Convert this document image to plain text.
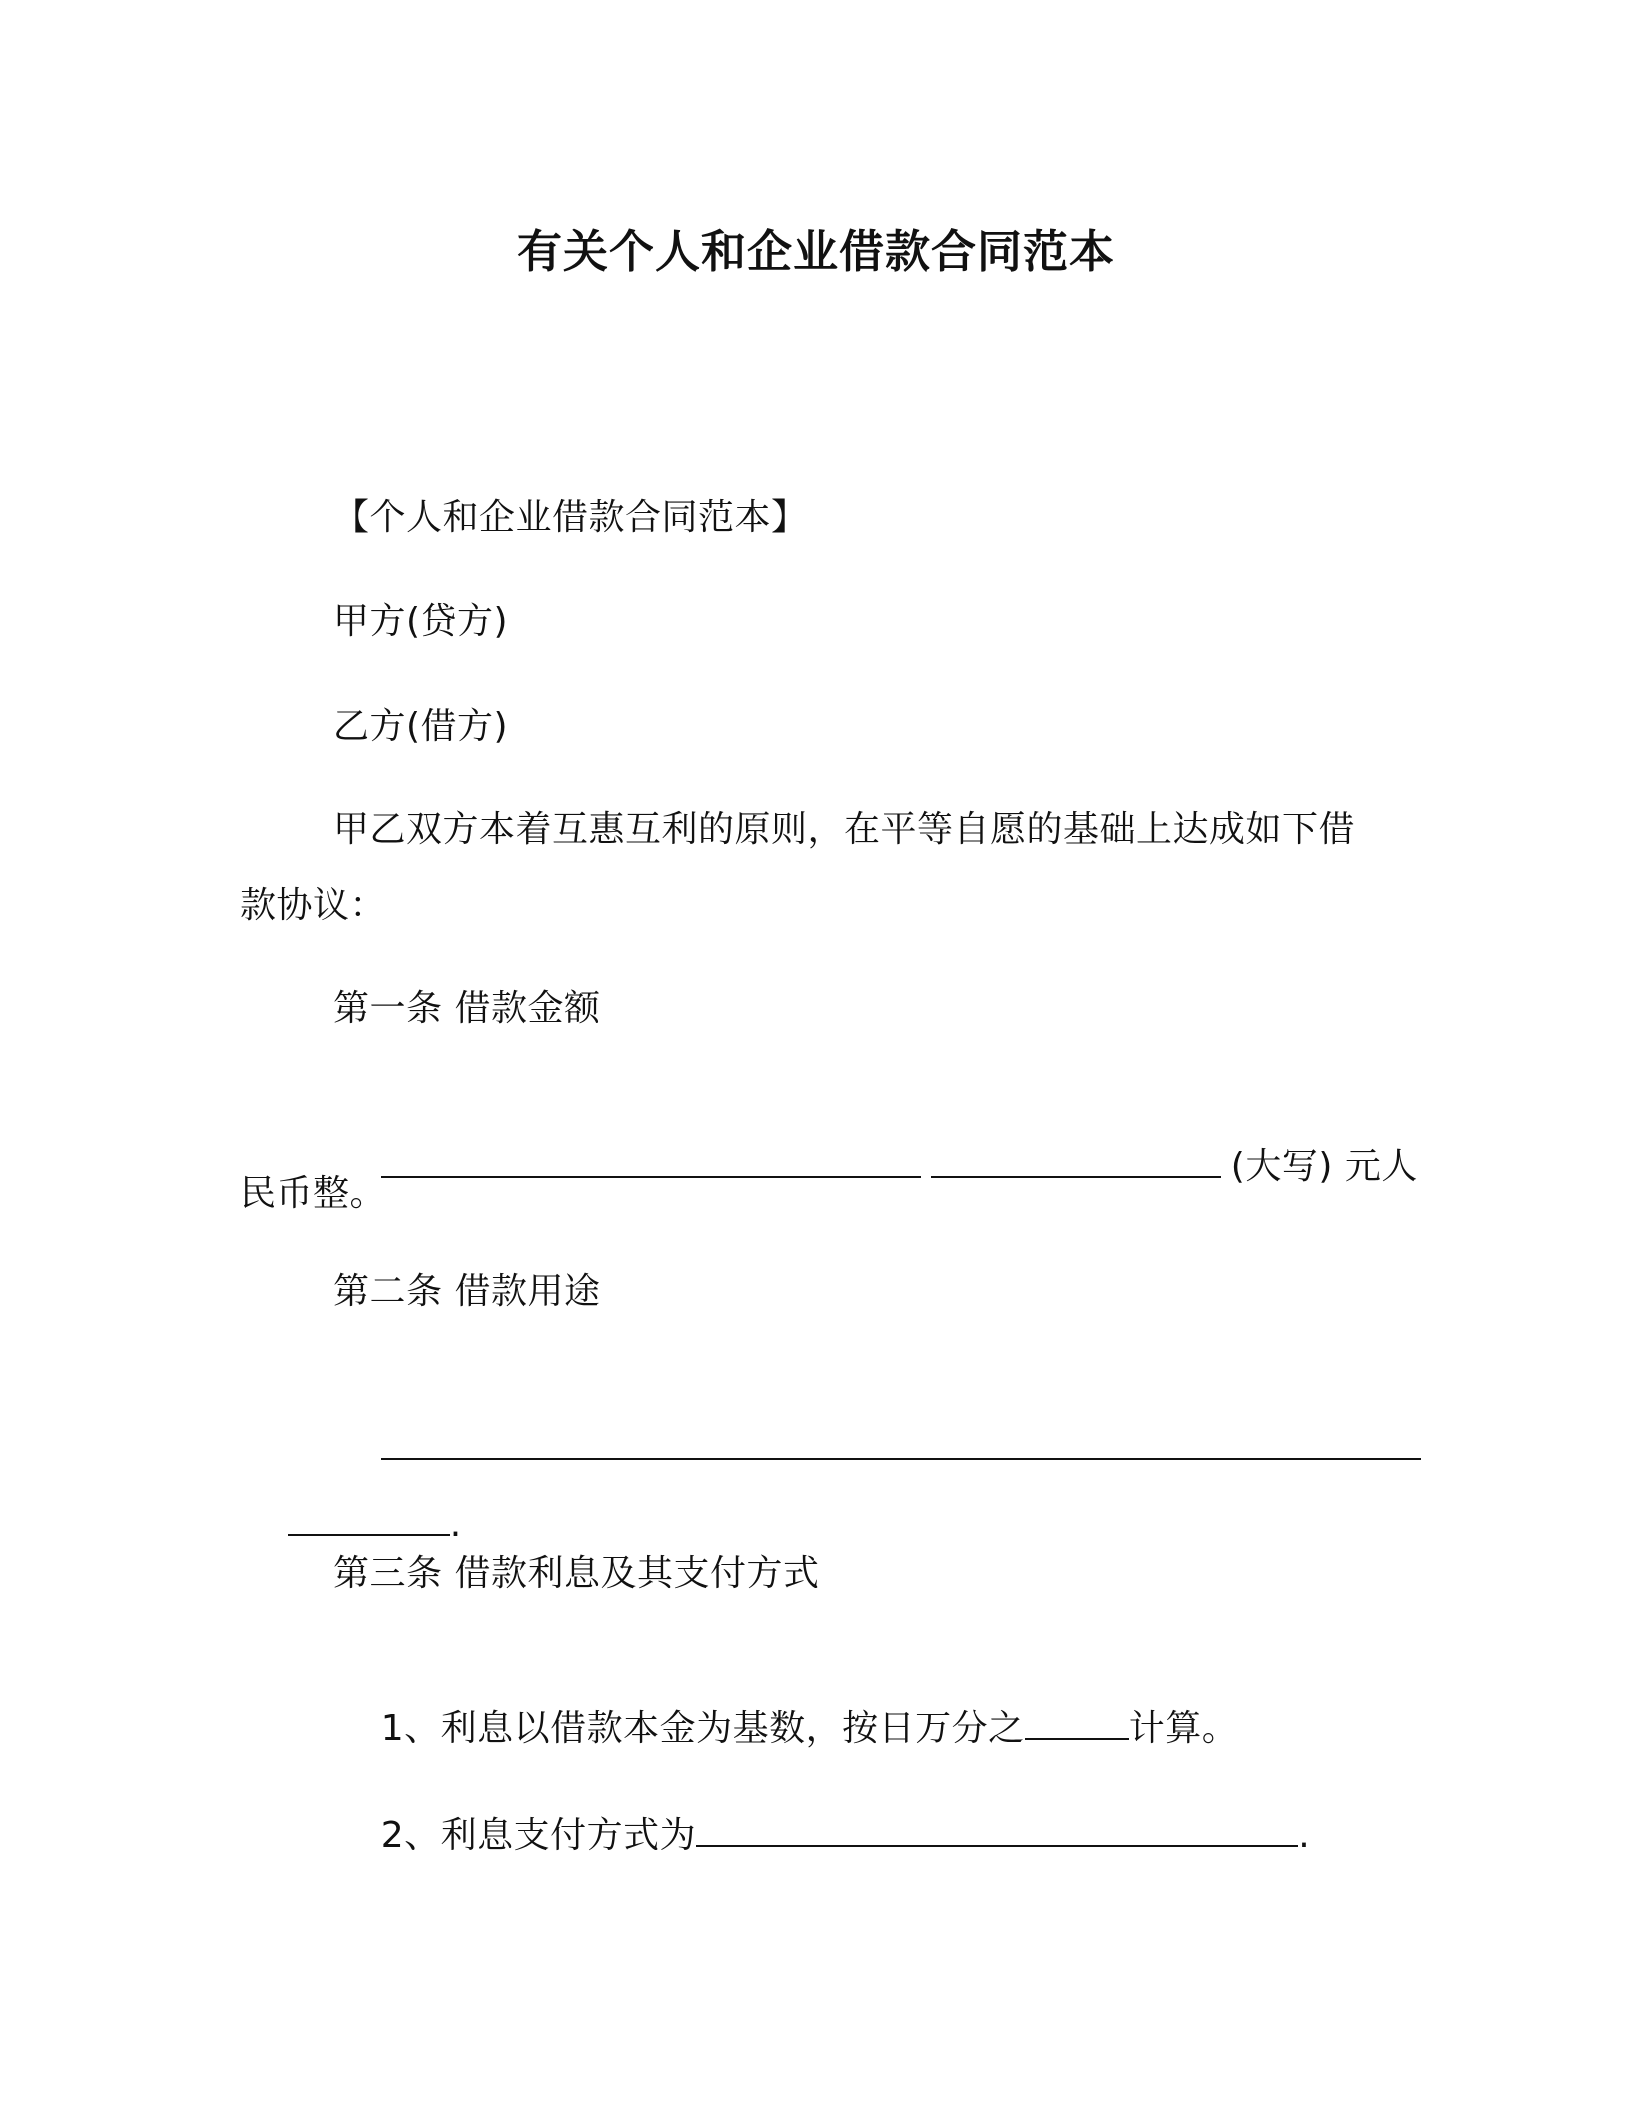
有关个人和企业借款合同范本
【个人和企业借款合同范本】
甲方(贷方)
乙方(借方)
甲乙双方本着互惠互利的原则，在平等自愿的基础上达成如下借
款协议：
第一条 借款金额

(大写) 元人

民币整。
第二条 借款用途

.

第三条 借款利息及其支付方式

1、利息以借款本金为基数，按日万分之	计算。

2、利息支付方式为	.
